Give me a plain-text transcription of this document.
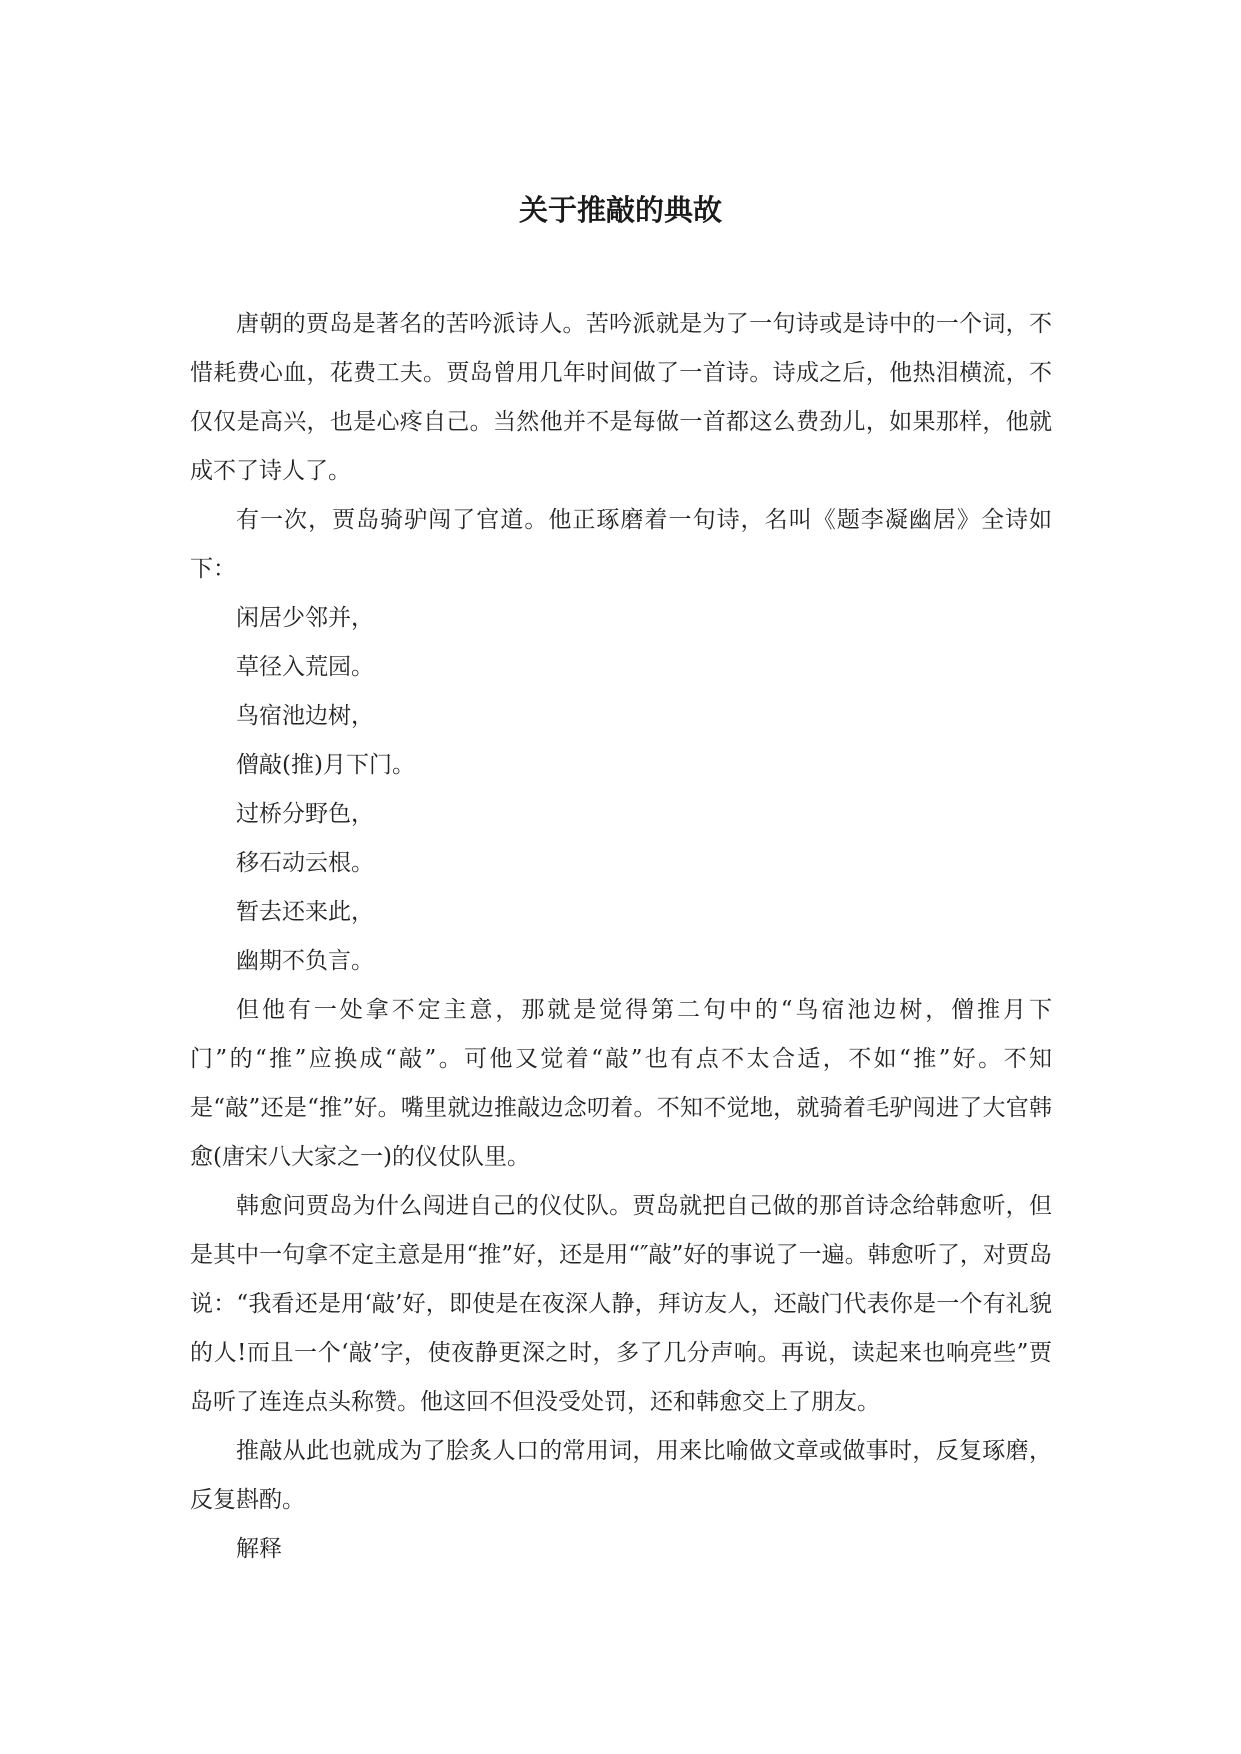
关于推敲的典故

唐朝的贾岛是著名的苦吟派诗人。苦吟派就是为了一句诗或是诗中的一个词，不惜耗费心血，花费工夫。贾岛曾用几年时间做了一首诗。诗成之后，他热泪横流，不仅仅是高兴，也是心疼自己。当然他并不是每做一首都这么费劲儿，如果那样，他就成不了诗人了。

有一次，贾岛骑驴闯了官道。他正琢磨着一句诗，名叫《题李凝幽居》全诗如下：

闲居少邻并，

草径入荒园。

鸟宿池边树，

僧敲(推)月下门。

过桥分野色，

移石动云根。

暂去还来此，

幽期不负言。

但他有一处拿不定主意，那就是觉得第二句中的“鸟宿池边树，僧推月下门”的“推”应换成“敲”。可他又觉着“敲”也有点不太合适，不如“推”好。不知是“敲”还是“推”好。嘴里就边推敲边念叨着。不知不觉地，就骑着毛驴闯进了大官韩愈(唐宋八大家之一)的仪仗队里。

韩愈问贾岛为什么闯进自己的仪仗队。贾岛就把自己做的那首诗念给韩愈听，但是其中一句拿不定主意是用“推”好，还是用“″敲”好的事说了一遍。韩愈听了，对贾岛说：“我看还是用‘敲’好，即使是在夜深人静，拜访友人，还敲门代表你是一个有礼貌的人!而且一个‘敲’字，使夜静更深之时，多了几分声响。再说，读起来也响亮些”贾岛听了连连点头称赞。他这回不但没受处罚，还和韩愈交上了朋友。

推敲从此也就成为了脍炙人口的常用词，用来比喻做文章或做事时，反复琢磨，反复斟酌。

解释
